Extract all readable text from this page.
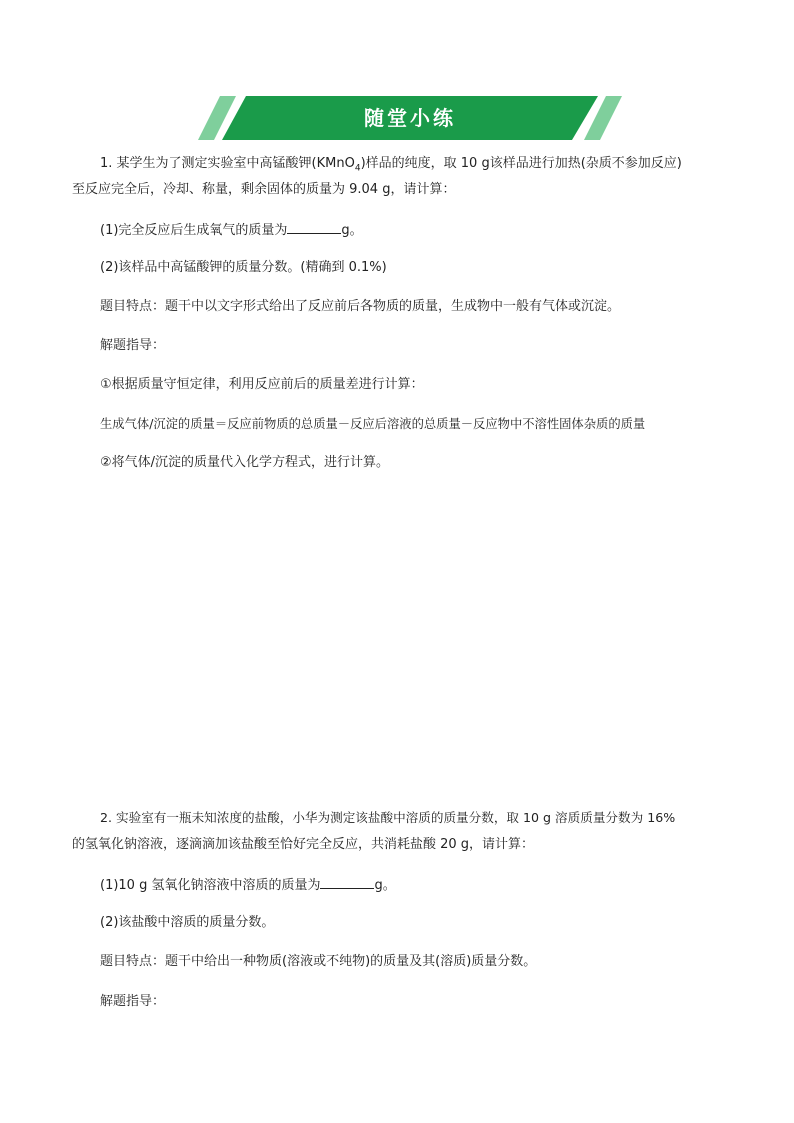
随堂小练
1. 某学生为了测定实验室中高锰酸钾(KMnO$_4$)样品的纯度，取 10 g该样品进行加热(杂质不参加反应)
至反应完全后，冷却、称量，剩余固体的质量为 9.04 g，请计算：
(1)完全反应后生成氧气的质量为	g。
(2)该样品中高锰酸钾的质量分数。(精确到 0.1%)
题目特点：题干中以文字形式给出了反应前后各物质的质量，生成物中一般有气体或沉淀。
解题指导：
①根据质量守恒定律，利用反应前后的质量差进行计算：
生成气体/沉淀的质量＝反应前物质的总质量－反应后溶液的总质量－反应物中不溶性固体杂质的质量
②将气体/沉淀的质量代入化学方程式，进行计算。
2. 实验室有一瓶未知浓度的盐酸，小华为测定该盐酸中溶质的质量分数，取 10 g 溶质质量分数为 16%
的氢氧化钠溶液，逐滴滴加该盐酸至恰好完全反应，共消耗盐酸 20 g，请计算：
(1)10 g 氢氧化钠溶液中溶质的质量为	g。
(2)该盐酸中溶质的质量分数。
题目特点：题干中给出一种物质(溶液或不纯物)的质量及其(溶质)质量分数。
解题指导：
